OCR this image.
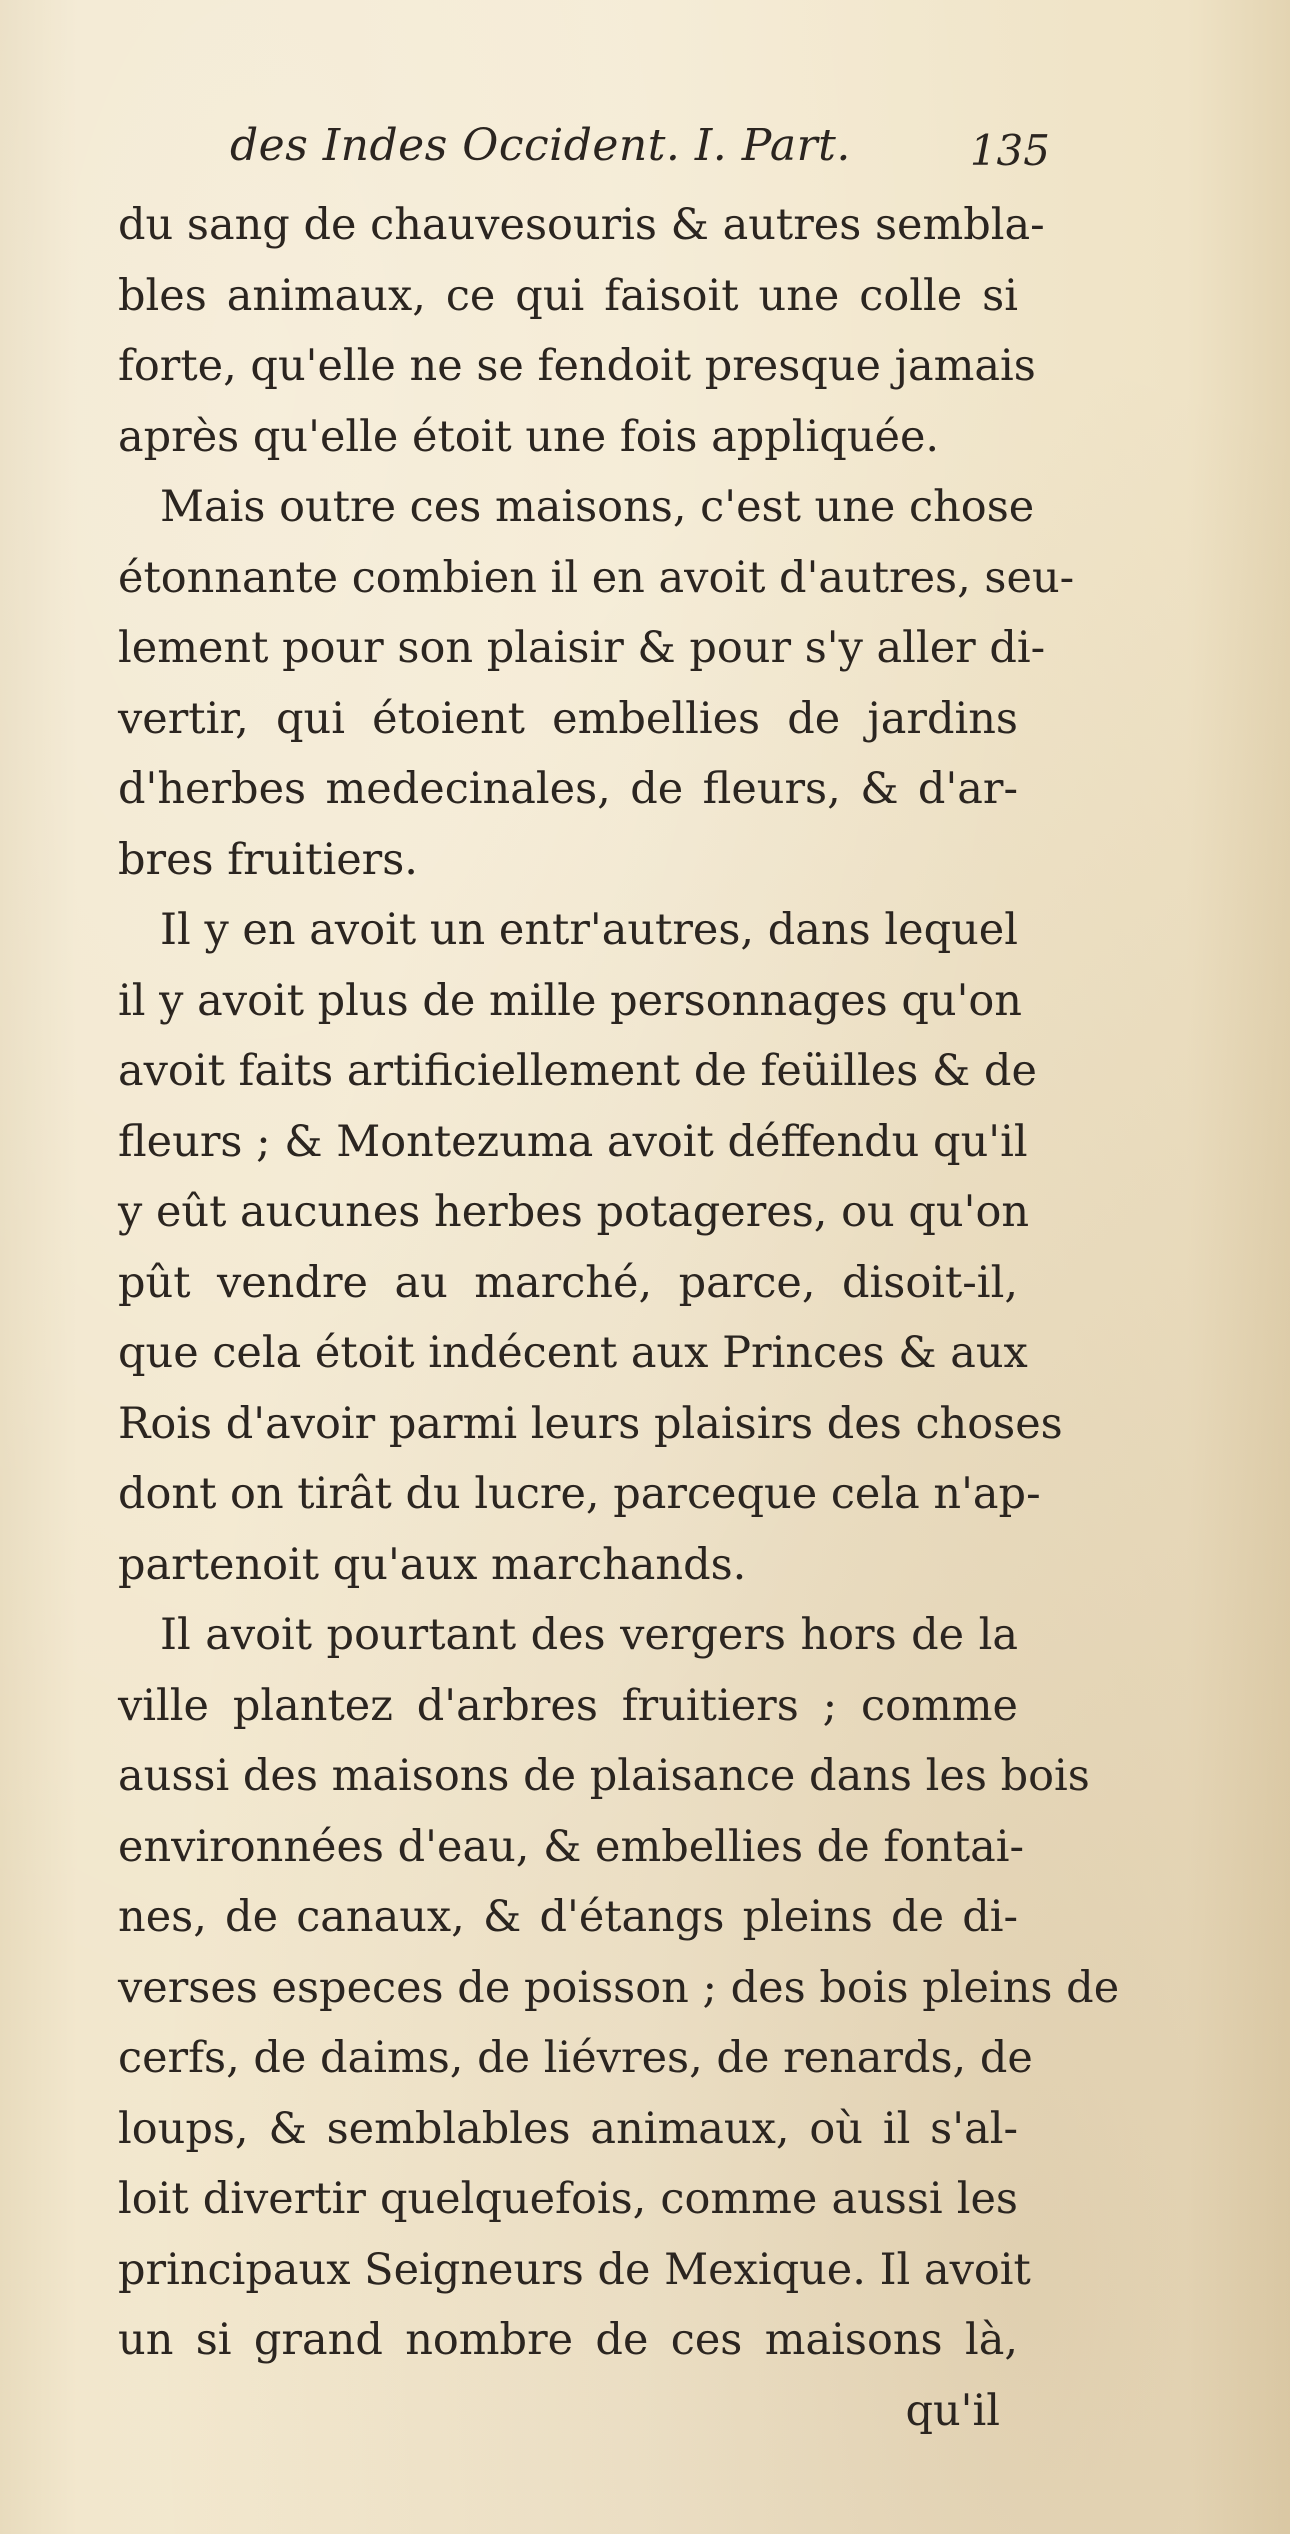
des Indes Occident. I. Part.	135
du sang de chauvesouris & autres sembla-
bles animaux, ce qui faisoit une colle si
forte, qu'elle ne se fendoit presque jamais
après qu'elle étoit une fois appliquée.
Mais outre ces maisons, c'est une chose
étonnante combien il en avoit d'autres, seu-
lement pour son plaisir & pour s'y aller di-
vertir, qui étoient embellies de jardins
d'herbes medecinales, de fleurs, & d'ar-
bres fruitiers.
Il y en avoit un entr'autres, dans lequel
il y avoit plus de mille personnages qu'on
avoit faits artificiellement de feüilles & de
fleurs ; & Montezuma avoit déffendu qu'il
y eût aucunes herbes potageres, ou qu'on
pût vendre au marché, parce, disoit-il,
que cela étoit indécent aux Princes & aux
Rois d'avoir parmi leurs plaisirs des choses
dont on tirât du lucre, parceque cela n'ap-
partenoit qu'aux marchands.
Il avoit pourtant des vergers hors de la
ville plantez d'arbres fruitiers ; comme
aussi des maisons de plaisance dans les bois
environnées d'eau, & embellies de fontai-
nes, de canaux, & d'étangs pleins de di-
verses especes de poisson ; des bois pleins de
cerfs, de daims, de liévres, de renards, de
loups, & semblables animaux, où il s'al-
loit divertir quelquefois, comme aussi les
principaux Seigneurs de Mexique. Il avoit
un si grand nombre de ces maisons là,
qu'il
